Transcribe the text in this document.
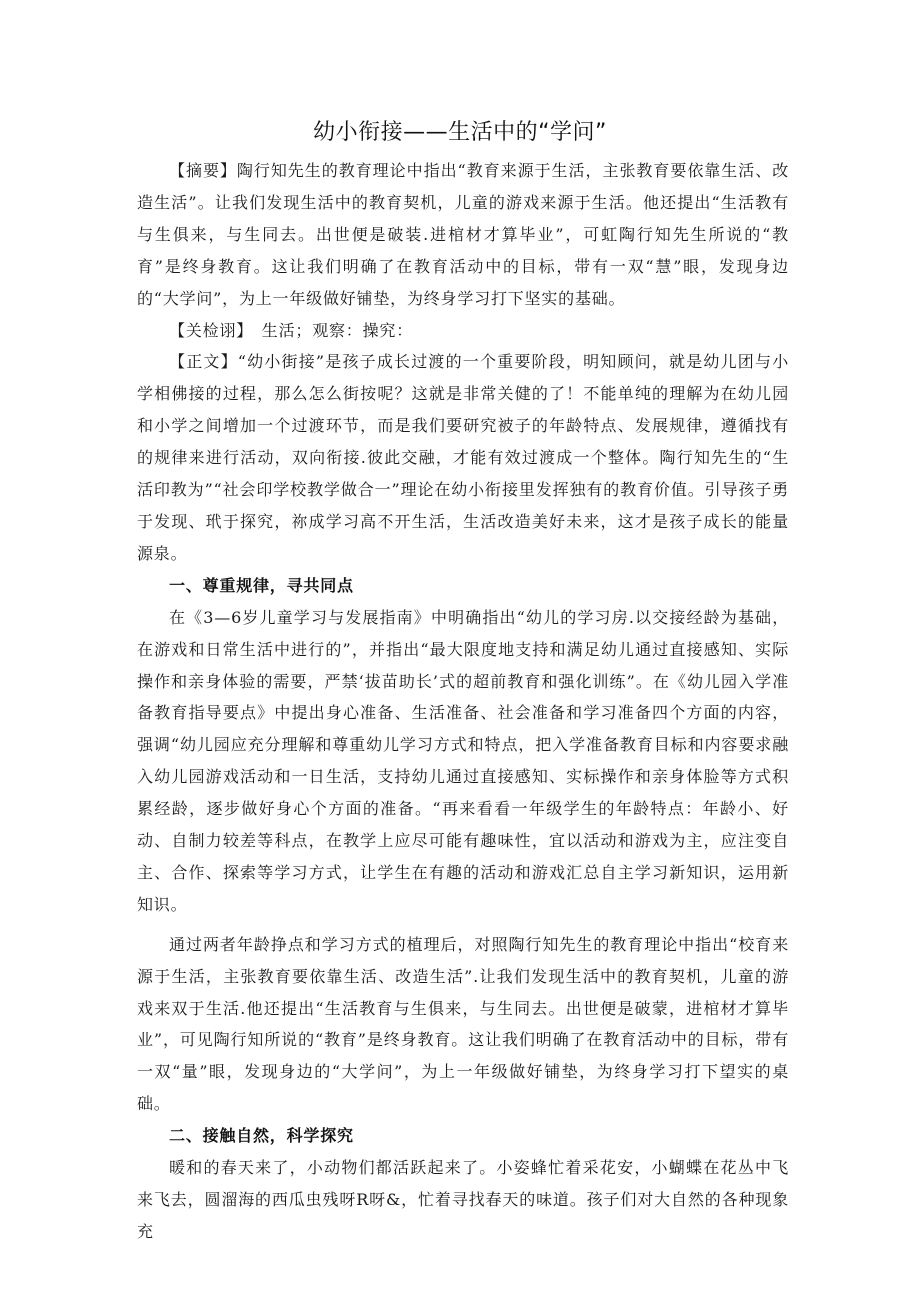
幼小衔接——生活中的“学问”

【摘要】陶行知先生的教育理论中指出“教育来源于生活，主张教育要依靠生活、改造生活”。让我们发现生活中的教育契机，儿童的游戏来源于生活。他还提出“生活教有与生俱来，与生同去。出世便是破装.进棺材才算毕业”，可虹陶行知先生所说的“教育”是终身教育。这让我们明确了在教育活动中的目标，带有一双“慧”眼，发现身边的“大学问”，为上一年级做好铺垫，为终身学习打下坚实的基础。

【关检诩】　生活；观察：操究：

【正文】“幼小街接”是孩子成长过渡的一个重要阶段，明知顾问，就是幼儿团与小学相佛接的过程，那么怎么街按呢？这就是非常关健的了！不能单纯的理解为在幼儿园和小学之间增加一个过渡环节，而是我们要研究被子的年龄特点、发展规律，遵循找有的规律来进行活动，双向衔接.彼此交融，才能有效过渡成一个整体。陶行知先生的“生活印教为”“社会印学校教学做合一”理论在幼小衔接里发挥独有的教育价值。引导孩子勇于发现、玳于探究，祢成学习高不开生活，生活改造美好未来，这才是孩子成长的能量源泉。

一、尊重规律，寻共同点

在《3—6岁儿童学习与发展指南》中明确指出“幼儿的学习房.以交接经龄为基础，在游戏和日常生活中进行的”，并指出“最大限度地支持和满足幼儿通过直接感知、实际操作和亲身体验的需要，严禁‘拔苗助长’式的超前教育和强化训练”。在《幼儿园入学准备教育指导要点》中提出身心准备、生活准备、社会准备和学习准备四个方面的内容，强调“幼儿园应充分理解和尊重幼儿学习方式和特点，把入学准备教育目标和内容要求融入幼儿园游戏活动和一日生活，支持幼儿通过直接感知、实标操作和亲身体脸等方式积累经龄，逐步做好身心个方面的准备。“再来看看一年级学生的年龄特点：年龄小、好动、自制力较差等科点，在教学上应尽可能有趣味性，宜以活动和游戏为主，应注变自主、合作、探索等学习方式，让学生在有趣的活动和游戏汇总自主学习新知识，运用新知识。

通过两者年龄挣点和学习方式的植理后，对照陶行知先生的教育理论中指出“校育来源于生活，主张教育要依靠生活、改造生活”.让我们发现生活中的教育契机，儿童的游戏来双于生活.他还提出“生活教育与生俱来，与生同去。出世便是破蒙，进棺材才算毕业”，可见陶行知所说的“教育”是终身教育。这让我们明确了在教育活动中的目标，带有一双“量”眼，发现身边的“大学问”，为上一年级做好铺垫，为终身学习打下望实的桌础。

二、接触自然，科学探究

暖和的春天来了，小动物们都活跃起来了。小姿蜂忙着采花安，小蝴蝶在花丛中飞来飞去，圆溜海的西瓜虫残呀R呀&，忙着寻找春天的味道。孩子们对大自然的各种现象充
